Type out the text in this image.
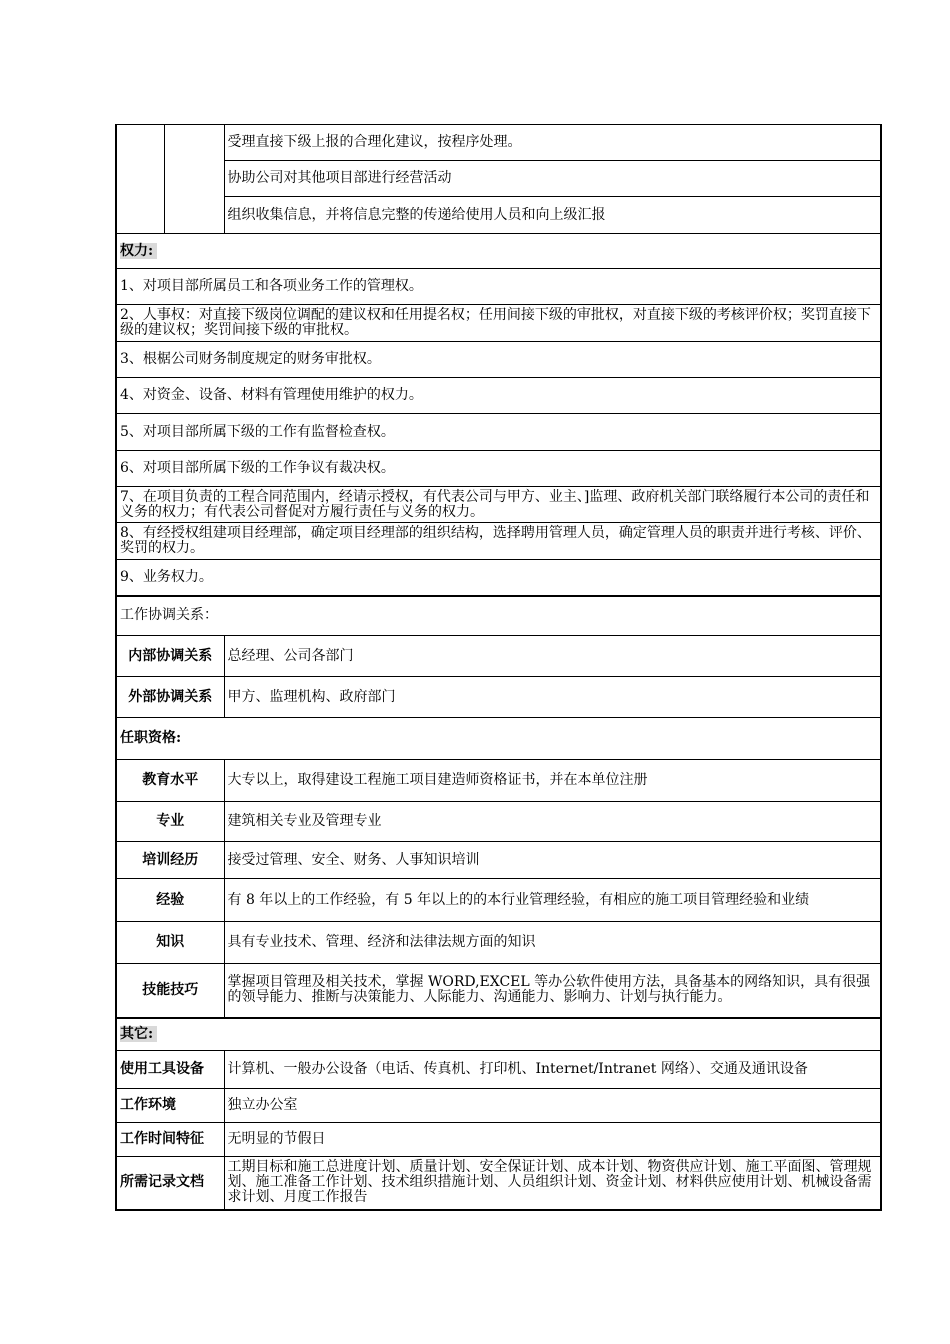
		受理直接下级上报的合理化建议，按程序处理。
		协助公司对其他项目部进行经营活动
		组织收集信息，并将信息完整的传递给使用人员和向上级汇报
权力:		
1、对项目部所属员工和各项业务工作的管理权。		
2、人事权：对直接下级岗位调配的建议权和任用提名权；任用间接下级的审批权，对直接下级的考核评价权；奖罚直接下级的建议权；奖罚间接下级的审批权。		
3、根椐公司财务制度规定的财务审批权。		
4、对资金、设备、材料有管理使用维护的权力。		
5、对项目部所属下级的工作有监督检查权。		
6、对项目部所属下级的工作争议有裁决权。		
7、在项目负责的工程合同范围内，经请示授权，有代表公司与甲方、业主、]监理、政府机关部门联络履行本公司的责任和义务的权力；有代表公司督促对方履行责任与义务的权力。		
8、有经授权组建项目经理部，确定项目经理部的组织结构，选择聘用管理人员，确定管理人员的职责并进行考核、评价、奖罚的权力。		
9、业务权力。		
工作协调关系：		
内部协调关系		总经理、公司各部门
外部协调关系		甲方、监理机构、政府部门
任职资格:		
教育水平		大专以上，取得建设工程施工项目建造师资格证书，并在本单位注册
专业		建筑相关专业及管理专业
培训经历		接受过管理、安全、财务、人事知识培训
经验		有 8 年以上的工作经验，有 5 年以上的的本行业管理经验，有相应的施工项目管理经验和业绩
知识		具有专业技术、管理、经济和法律法规方面的知识
技能技巧		掌握项目管理及相关技术，掌握 WORD,EXCEL 等办公软件使用方法，具备基本的网络知识，具有很强的领导能力、推断与决策能力、人际能力、沟通能力、影响力、计划与执行能力。
其它:		
使用工具设备		计算机、一般办公设备（电话、传真机、打印机、Internet/Intranet 网络）、交通及通讯设备
工作环境		独立办公室
工作时间特征		无明显的节假日
所需记录文档		工期目标和施工总进度计划、质量计划、安全保证计划、成本计划、物资供应计划、施工平面图、管理规划、施工准备工作计划、技术组织措施计划、人员组织计划、资金计划、材料供应使用计划、机械设备需求计划、月度工作报告
